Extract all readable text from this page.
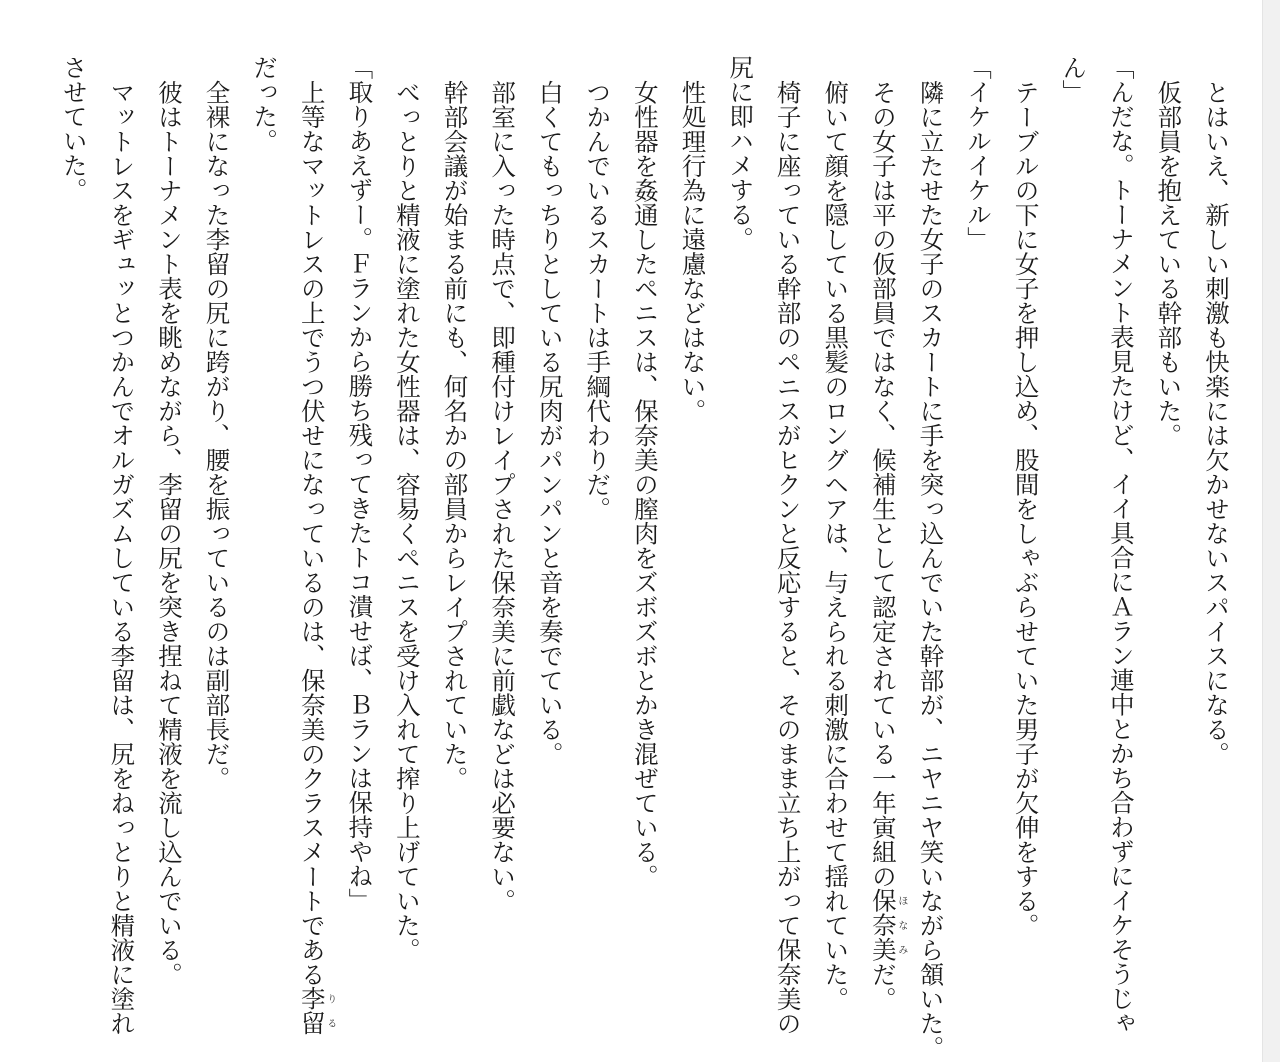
とはいえ、新しい刺激も快楽には欠かせないスパイスになる。
仮部員を抱えている幹部もいた。
「んだな。トーナメント表見たけど、イイ具合にＡラン連中とかち合わずにイケそうじゃ
ん」
テーブルの下に女子を押し込め、股間をしゃぶらせていた男子が欠伸をする。
「イケルイケル」
隣に立たせた女子のスカートに手を突っ込んでいた幹部が、ニヤニヤ笑いながら頷いた。
その女子は平の仮部員ではなく、候補生として認定されている一年寅組の保奈美ほなみだ。
俯いて顔を隠している黒髪のロングヘアは、与えられる刺激に合わせて揺れていた。
椅子に座っている幹部のペニスがヒクンと反応すると、そのまま立ち上がって保奈美の
尻に即ハメする。
性処理行為に遠慮などはない。
女性器を姦通したペニスは、保奈美の膣肉をズボズボとかき混ぜている。
つかんでいるスカートは手綱代わりだ。
白くてもっちりとしている尻肉がパンパンと音を奏でている。
部室に入った時点で、即種付けレイプされた保奈美に前戯などは必要ない。
幹部会議が始まる前にも、何名かの部員からレイプされていた。
べっとりと精液に塗れた女性器は、容易くペニスを受け入れて搾り上げていた。
「取りあえずー。Ｆランから勝ち残ってきたトコ潰せば、Ｂランは保持やね」
上等なマットレスの上でうつ伏せになっているのは、保奈美のクラスメートである李留りる
だった。
全裸になった李留の尻に跨がり、腰を振っているのは副部長だ。
彼はトーナメント表を眺めながら、李留の尻を突き捏ねて精液を流し込んでいる。
マットレスをギュッとつかんでオルガズムしている李留は、尻をねっとりと精液に塗れ
させていた。
